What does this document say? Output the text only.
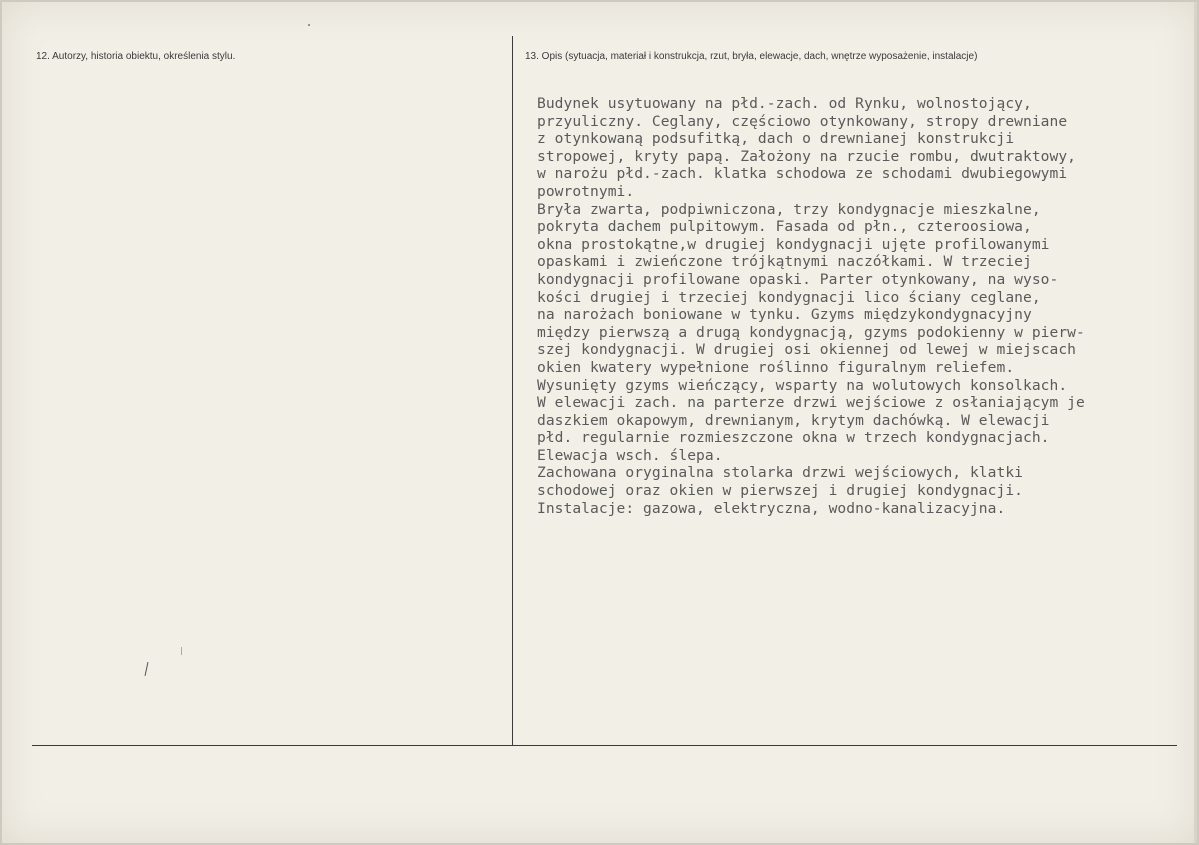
12. Autorzy, historia obiektu, określenia stylu.	13. Opis (sytuacja, materiał i konstrukcja, rzut, bryła, elewacje, dach, wnętrze wyposażenie, instalacje)
Budynek usytuowany na płd.-zach. od Rynku, wolnostojący,
przyuliczny. Ceglany, częściowo otynkowany, stropy drewniane
z otynkowaną podsufitką, dach o drewnianej konstrukcji
stropowej, kryty papą. Założony na rzucie rombu, dwutraktowy,
w narożu płd.-zach. klatka schodowa ze schodami dwubiegowymi
powrotnymi.
Bryła zwarta, podpiwniczona, trzy kondygnacje mieszkalne,
pokryta dachem pulpitowym. Fasada od płn., czteroosiowa,
okna prostokątne,w drugiej kondygnacji ujęte profilowanymi
opaskami i zwieńczone trójkątnymi naczółkami. W trzeciej
kondygnacji profilowane opaski. Parter otynkowany, na wyso-
kości drugiej i trzeciej kondygnacji lico ściany ceglane,
na narożach boniowane w tynku. Gzyms międzykondygnacyjny
między pierwszą a drugą kondygnacją, gzyms podokienny w pierw-
szej kondygnacji. W drugiej osi okiennej od lewej w miejscach
okien kwatery wypełnione roślinno figuralnym reliefem.
Wysunięty gzyms wieńczący, wsparty na wolutowych konsolkach.
W elewacji zach. na parterze drzwi wejściowe z osłaniającym je
daszkiem okapowym, drewnianym, krytym dachówką. W elewacji
płd. regularnie rozmieszczone okna w trzech kondygnacjach.
Elewacja wsch. ślepa.
Zachowana oryginalna stolarka drzwi wejściowych, klatki
schodowej oraz okien w pierwszej i drugiej kondygnacji.
Instalacje: gazowa, elektryczna, wodno-kanalizacyjna.
